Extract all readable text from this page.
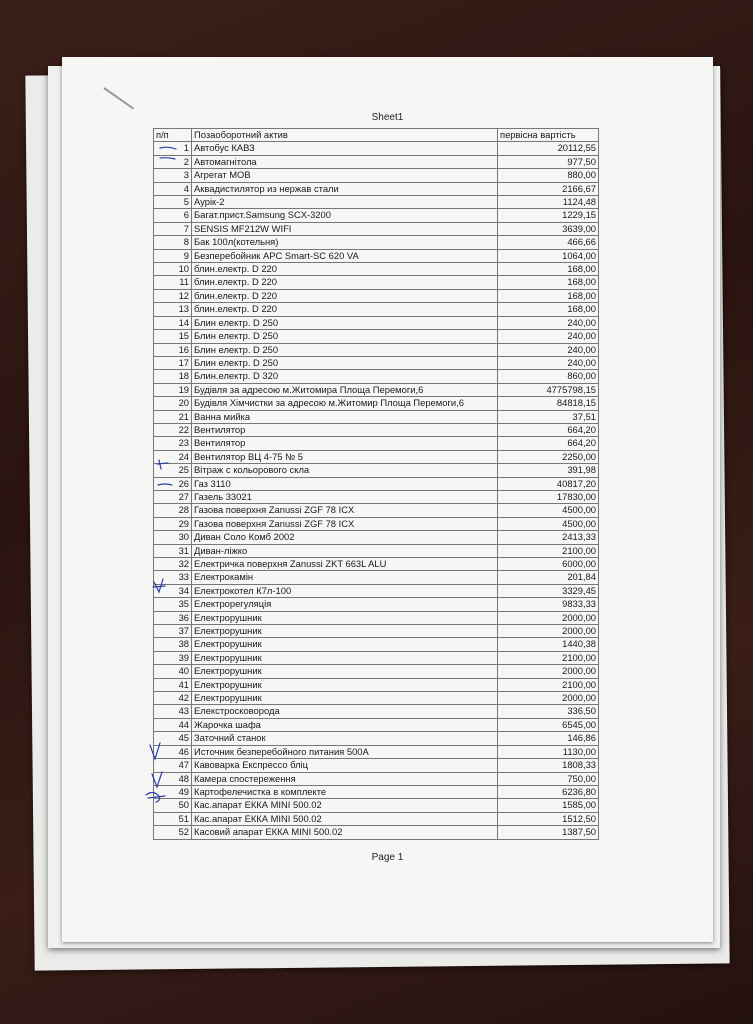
Sheet1
п/п	Позаоборотний актив	первісна вартість
1	Автобус КАВЗ	20112,55
2	Автомагнітола	977,50
3	Агрегат МОВ	880,00
4	Аквадистилятор из нержав стали	2166,67
5	Аурік-2	1124,48
6	Багат.прист.Samsung SCX-3200	1229,15
7	SENSIS MF212W WIFI	3639,00
8	Бак 100л(котельня)	466,66
9	Безперебойник APC Smart-SC 620 VA	1064,00
10	блин.електр. D 220	168,00
11	блин.електр. D 220	168,00
12	блин.електр. D 220	168,00
13	блин.електр. D 220	168,00
14	Блин електр. D 250	240,00
15	Блин електр. D 250	240,00
16	Блин електр. D 250	240,00
17	Блин електр. D 250	240,00
18	Блин.електр. D 320	860,00
19	Будівля за адресою м.Житомира Площа Перемоги,6	4775798,15
20	Будівля Хімчистки за адресою м.Житомир Площа Перемоги,6	84818,15
21	Ванна мийка	37,51
22	Вентилятор	664,20
23	Вентилятор	664,20
24	Вентилятор ВЦ 4-75 № 5	2250,00
25	Вітраж с кольорового скла	391,98
26	Газ 3110	40817,20
27	Газель 33021	17830,00
28	Газова поверхня Zanussi ZGF 78 ICX	4500,00
29	Газова поверхня Zanussi ZGF 78 ICX	4500,00
30	Диван Соло Комб 2002	2413,33
31	Диван-ліжко	2100,00
32	Електричка поверхня Zanussi ZKT 663L ALU	6000,00
33	Електрокамін	201,84
34	Електрокотел К7л-100	3329,45
35	Електрорегуляція	9833,33
36	Електрорушник	2000,00
37	Електрорушник	2000,00
38	Електрорушник	1440,38
39	Електрорушник	2100,00
40	Електрорушник	2000,00
41	Електрорушник	2100,00
42	Електрорушник	2000,00
43	Елекстросковорода	336,50
44	Жарочка шафа	6545,00
45	Заточний станок	146,86
46	Источник безперебойного питания 500А	1130,00
47	Кавоварка Експрессо бліц	1808,33
48	Камера спостереження	750,00
49	Картофелечистка в комплекте	6236,80
50	Кас.апарат ЕККА MINI 500.02	1585,00
51	Кас.апарат ЕККА MINI 500.02	1512,50
52	Касовий апарат ЕККА MINI 500.02	1387,50
Page 1
